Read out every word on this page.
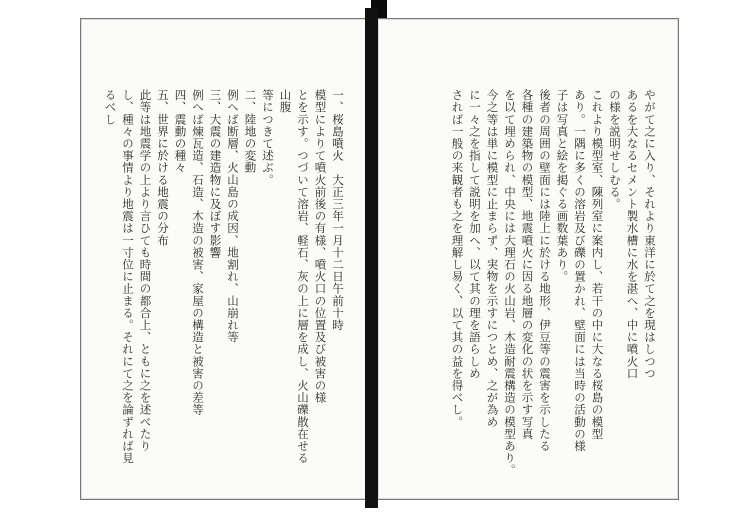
一、桜島噴火　大正三年一月十二日午前十時
模型によりて噴火前後の有様、噴火口の位置及び被害の様
とを示す。つづいて溶岩、軽石、灰の上に層を成し、火山礫散在せる山腹
等につきて述ぶ。
二、陸地の変動
例へば断層、火山島の成因、地割れ、山崩れ等
三、大震の建造物に及ぼす影響
例へば煉瓦造、石造、木造の被害、家屋の構造と被害の差等
四、震動の種々
五、世界に於ける地震の分布
此等は地震学の上より言ひても時間の都合上、ともに之を述べたり
し、種々の事情より地震は一寸位に止まる。それにて之を論ずれば見るべし	やがて之に入り、それより東洋に於て之を現はしつつ
あるを大なるセメント製水槽に水を湛へ、中に噴火口
の様を説明せしむる。
これより模型室、陳列室に案内し、若干の中に大なる桜島の模型
あり。一隅に多くの溶岩及び礫の置かれ、壁面には当時の活動の様
子は写真と絵を掲ぐる画数葉あり。
後者の周囲の壁面には陸上に於ける地形、伊豆等の震害を示したる
各種の建築物の模型、地震噴火に因る地層の変化の状を示す写真
を以て埋められ、中央には大理石の火山岩、木造耐震構造の模型あり。
今之等は単に模型に止まらず、実物を示すにつとめ、之が為め
に一々之を指して説明を加へ、以て其の理を語らしめ
されば一般の来観者も之を理解し易く、以て其の益を得べし。
